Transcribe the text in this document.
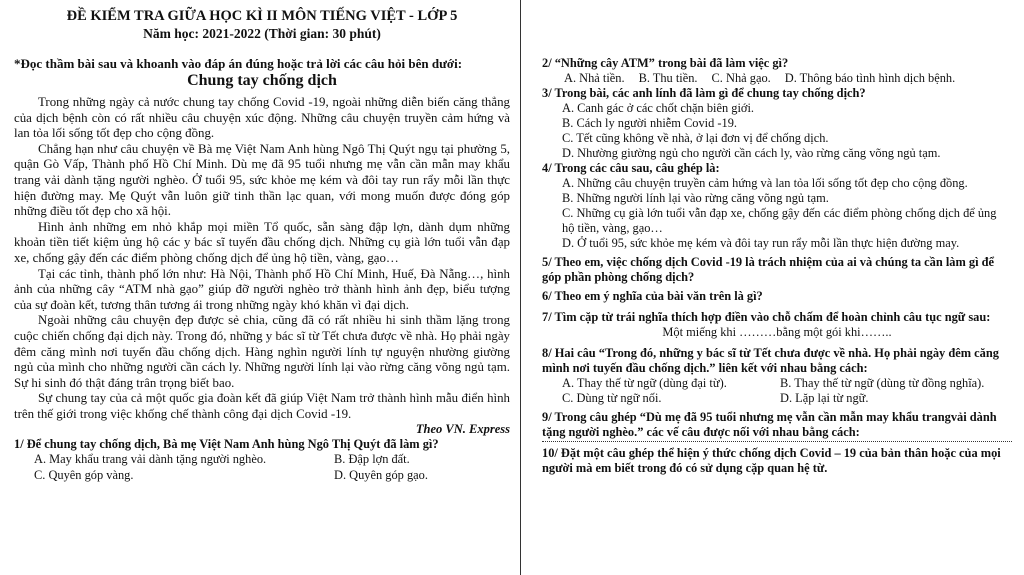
ĐỀ KIỂM TRA GIỮA HỌC KÌ II MÔN TIẾNG VIỆT - LỚP 5
Năm học: 2021-2022 (Thời gian: 30 phút)
*Đọc thầm bài sau và khoanh vào đáp án đúng hoặc trả lời các câu hỏi bên dưới:
Chung tay chống dịch

Trong những ngày cả nước chung tay chống Covid -19, ngoài những diễn biến căng thẳng của dịch bệnh còn có rất nhiều câu chuyện xúc động. Những câu chuyện truyền cảm hứng và lan tỏa lối sống tốt đẹp cho cộng đồng.

Chẳng hạn như câu chuyện về Bà mẹ Việt Nam Anh hùng Ngô Thị Quýt ngụ tại phường 5, quận Gò Vấp, Thành phố Hồ Chí Minh. Dù mẹ đã 95 tuổi nhưng mẹ vẫn cần mẫn may khẩu trang vải dành tặng người nghèo. Ở tuổi 95, sức khỏe mẹ kém và đôi tay run rẩy mỗi lần thực hiện đường may. Mẹ Quýt vẫn luôn giữ tinh thần lạc quan, với mong muốn được đóng góp những điều tốt đẹp cho xã hội.

Hình ảnh những em nhỏ khắp mọi miền Tổ quốc, sẵn sàng đập lợn, dành dụm những khoản tiền tiết kiệm ủng hộ các y bác sĩ tuyến đầu chống dịch. Những cụ già lớn tuổi vẫn đạp xe, chống gậy đến các điểm phòng chống dịch để ủng hộ tiền, vàng, gạo…

Tại các tỉnh, thành phố lớn như: Hà Nội, Thành phố Hồ Chí Minh, Huế, Đà Nẵng…, hình ảnh của những cây “ATM nhà gạo” giúp đỡ người nghèo trở thành hình ảnh đẹp, biểu tượng của sự đoàn kết, tương thân tương ái trong những ngày khó khăn vì đại dịch.

Ngoài những câu chuyện đẹp được sẻ chia, cũng đã có rất nhiều hi sinh thầm lặng trong cuộc chiến chống đại dịch này. Trong đó, những y bác sĩ từ Tết chưa được về nhà. Họ phải ngày đêm căng mình nơi tuyến đầu chống dịch. Hàng nghìn người lính tự nguyện nhường giường ngủ của mình cho những người cần cách ly. Những người lính lại vào rừng căng võng ngủ tạm. Sự hi sinh đó thật đáng trân trọng biết bao.

Sự chung tay của cả một quốc gia đoàn kết đã giúp Việt Nam trở thành hình mẫu điển hình trên thế giới trong việc khống chế thành công đại dịch Covid -19.

Theo VN. Express
1/ Để chung tay chống dịch, Bà mẹ Việt Nam Anh hùng Ngô Thị Quýt đã làm gì?
A. May khẩu trang vải dành tặng người nghèo.	B. Đập lợn đất.
C. Quyên góp vàng.	D. Quyên góp gạo.
2/ “Những cây ATM” trong bài đã làm việc gì?
A. Nhả tiền. B. Thu tiền. C. Nhả gạo. D. Thông báo tình hình dịch bệnh.
3/ Trong bài, các anh lính đã làm gì để chung tay chống dịch?
A. Canh gác ở các chốt chặn biên giới.
B. Cách ly người nhiễm Covid -19.
C. Tết cũng không về nhà, ở lại đơn vị để chống dịch.
D. Nhường giường ngủ cho người cần cách ly, vào rừng căng võng ngủ tạm.
4/ Trong các câu sau, câu ghép là:
A. Những câu chuyện truyền cảm hứng và lan tỏa lối sống tốt đẹp cho cộng đồng.
B. Những người lính lại vào rừng căng võng ngủ tạm.
C. Những cụ già lớn tuổi vẫn đạp xe, chống gậy đến các điểm phòng chống dịch để ủng hộ tiền, vàng, gạo…
D. Ở tuổi 95, sức khỏe mẹ kém và đôi tay run rẩy mỗi lần thực hiện đường may.
5/ Theo em, việc chống dịch Covid -19 là trách nhiệm của ai và chúng ta cần làm gì để góp phần phòng chống dịch?
6/ Theo em ý nghĩa của bài văn trên là gì?
7/ Tìm cặp từ trái nghĩa thích hợp điền vào chỗ chấm để hoàn chỉnh câu tục ngữ sau:
Một miếng khi ………bằng một gói khi……..
8/ Hai câu “Trong đó, những y bác sĩ từ Tết chưa được về nhà. Họ phải ngày đêm căng mình nơi tuyến đầu chống dịch.” liên kết với nhau bằng cách:
A. Thay thế từ ngữ (dùng đại từ).	B. Thay thế từ ngữ (dùng từ đồng nghĩa).
C. Dùng từ ngữ nối.	D. Lặp lại từ ngữ.
9/ Trong câu ghép “Dù mẹ đã 95 tuổi nhưng mẹ vẫn cần mẫn may khẩu trangvải dành tặng người nghèo.” các vế câu được nối với nhau bằng cách:
10/ Đặt một câu ghép thể hiện ý thức chống dịch Covid – 19 của bản thân hoặc của mọi người mà em biết trong đó có sử dụng cặp quan hệ từ.
